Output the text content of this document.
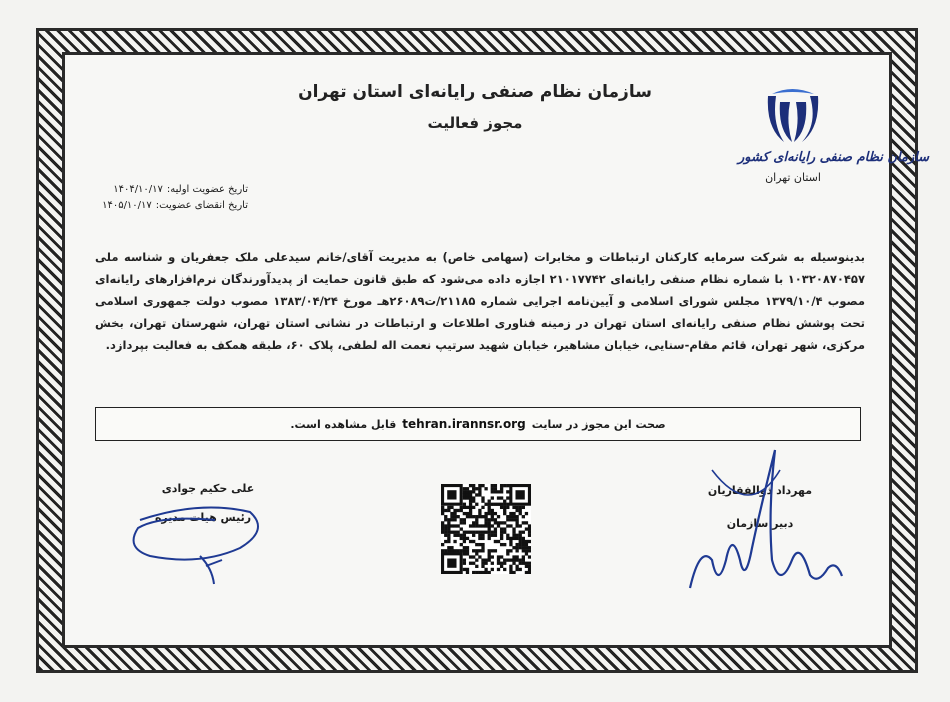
سازمان نظام صنفی رایانه‌ای استان تهران
مجوز فعالیت
سازمان نظام صنفی رایانه‌ای کشور
استان تهران
تاریخ عضویت اولیه:۱۴۰۴/۱۰/۱۷
تاریخ انقضای عضویت:۱۴۰۵/۱۰/۱۷
بدینوسیله به شرکت سرمایه کارکنان ارتباطات و مخابرات (سهامی خاص) به مدیریت آقای/خانم سیدعلی ملک جعفریان و شناسه ملی ۱۰۳۲۰۸۷۰۴۵۷ با شماره نظام صنفی رایانه‌ای ۲۱۰۱۷۷۴۲ اجازه داده می‌شود که طبق قانون حمایت از پدیدآورندگان نرم‌افزارهای رایانه‌ای مصوب ۱۳۷۹/۱۰/۴ مجلس شورای اسلامی و آیین‌نامه اجرایی شماره ۲۱۱۸۵/ت۲۶۰۸۹هـ مورخ ۱۳۸۳/۰۴/۲۴ مصوب دولت جمهوری اسلامی تحت پوشش نظام صنفی رایانه‌ای استان تهران در زمینه فناوری اطلاعات و ارتباطات در نشانی استان تهران، شهرستان تهران، بخش مرکزی، شهر تهران، قائم مقام-سنایی، خیابان مشاهیر، خیابان شهید سرتیپ نعمت اله لطفی، پلاک ۶۰، طبقه همکف به فعالیت بپردازد.
صحت این مجوز در سایت
tehran.irannsr.org
قابل مشاهده است.
علی حکیم جوادی
رئیس هیات مدیره
مهرداد ذوالفقاریان
دبیر سازمان
